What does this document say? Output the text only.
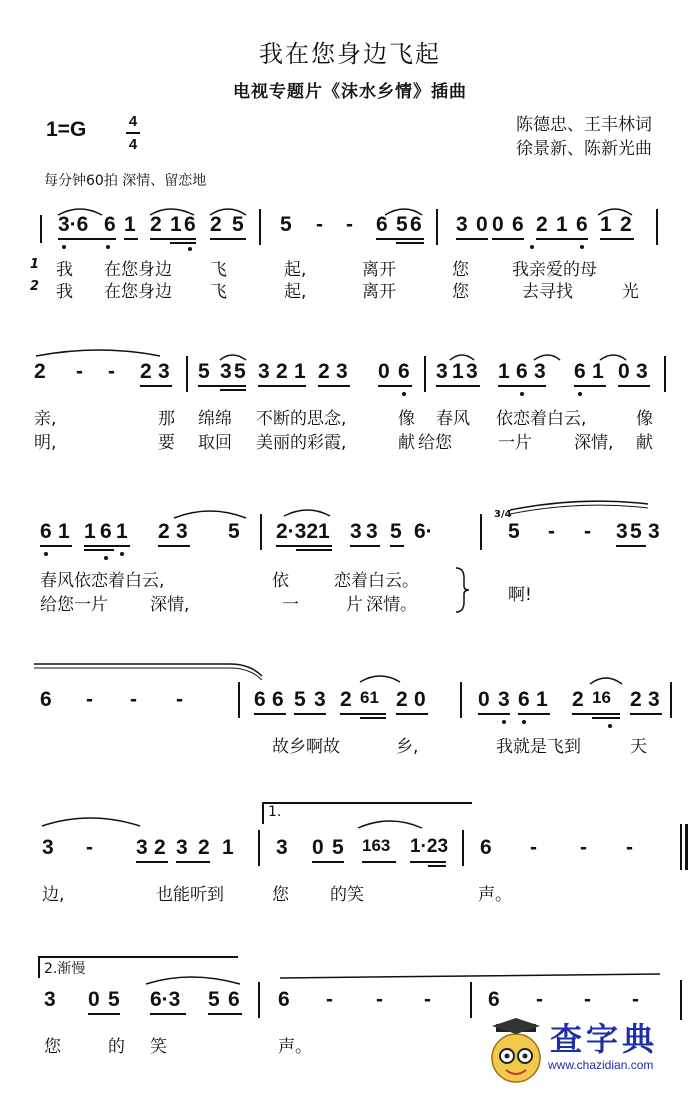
我在您身边飞起
电视专题片《沫水乡情》插曲
1=G	4
4
陈德忠、王丰林词
徐景新、陈新光曲
每分钟60拍 深情、留恋地
3·6 6 1 2 1 6 2 5 5 - - 6 5 6 3 0 0 6 2 1 6 1 2
1
2
我 在您身边 飞	起,	离开	您	我亲爱的母
我 在您身边 飞	起,	离开	您	去寻找	光
2 - - 2 3 5 3 5 3 2 1 2 3 0 6 3 1 3 1 6 3 6 1 0 3
亲,	那 绵绵 不断的思念,	像 春风 依恋着白云,	像
明,	要 取回 美丽的彩霞,	献 给您	一片 深情, 献
6 1 1 6 1 2 3 5 2·321 3 3 5 6·
3/4
5 - - 3 5 3
春风依恋着白云,	依	恋着白云。
给您一片 深情,	一	片 深情。	啊!
6 - - -	6 6 5 3 2 61 2 0 0 3 6 1 2 16 2 3
故乡啊故	乡,	我就是飞到	天
1.
3 - 3 2 3 2 1 3 0 5 163 1·23 6 - - -
边,	也能听到	您 的笑	声。
2.渐慢
3 0 5 6·3 5 6 6 - - -	6 - - -
您	的 笑	声。	查字典
www.chazidian.com
